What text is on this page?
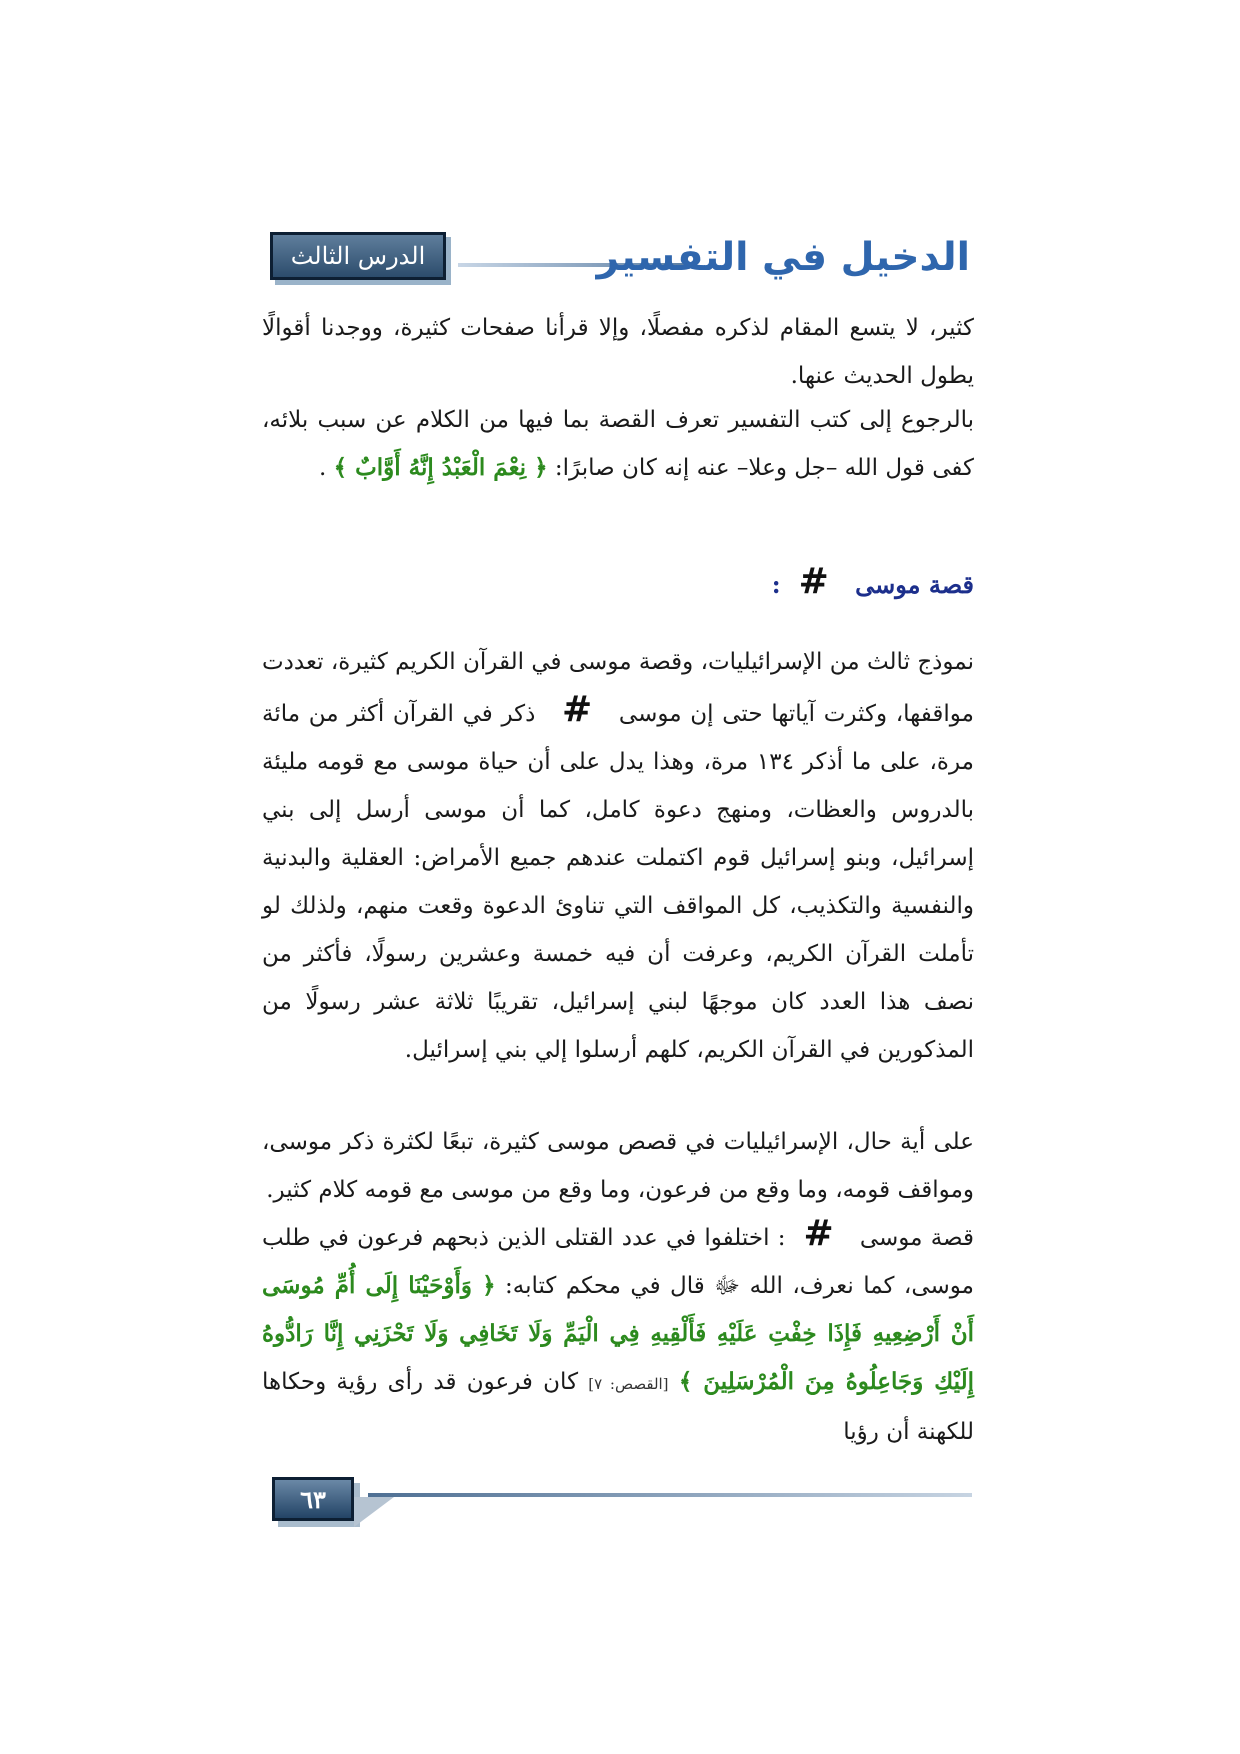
الدرس الثالث	الدخيل في التفسير

كثير، لا يتسع المقام لذكره مفصلًا، وإلا قرأنا صفحات كثيرة، ووجدنا أقوالًا يطول الحديث عنها.

بالرجوع إلى كتب التفسير تعرف القصة بما فيها من الكلام عن سبب بلائه، كفى قول الله –جل وعلا– عنه إنه كان صابرًا: ﴿ نِعْمَ الْعَبْدُ إِنَّهُ أَوَّابٌ ﴾ .

قصة موسى #:

نموذج ثالث من الإسرائيليات، وقصة موسى في القرآن الكريم كثيرة، تعددت مواقفها، وكثرت آياتها حتى إن موسى # ذكر في القرآن أكثر من مائة مرة، على ما أذكر ١٣٤ مرة، وهذا يدل على أن حياة موسى مع قومه مليئة بالدروس والعظات، ومنهج دعوة كامل، كما أن موسى أرسل إلى بني إسرائيل، وبنو إسرائيل قوم اكتملت عندهم جميع الأمراض: العقلية والبدنية والنفسية والتكذيب، كل المواقف التي تناوئ الدعوة وقعت منهم، ولذلك لو تأملت القرآن الكريم، وعرفت أن فيه خمسة وعشرين رسولًا، فأكثر من نصف هذا العدد كان موجهًا لبني إسرائيل، تقريبًا ثلاثة عشر رسولًا من المذكورين في القرآن الكريم، كلهم أرسلوا إلي بني إسرائيل.

على أية حال، الإسرائيليات في قصص موسى كثيرة، تبعًا لكثرة ذكر موسى، ومواقف قومه، وما وقع من فرعون، وما وقع من موسى مع قومه كلام كثير.

قصة موسى #: اختلفوا في عدد القتلى الذين ذبحهم فرعون في طلب موسى، كما نعرف، الله ﷻ قال في محكم كتابه: ﴿ وَأَوْحَيْنَا إِلَى أُمِّ مُوسَى أَنْ أَرْضِعِيهِ فَإِذَا خِفْتِ عَلَيْهِ فَأَلْقِيهِ فِي الْيَمِّ وَلَا تَخَافِي وَلَا تَحْزَنِي إِنَّا رَادُّوهُ إِلَيْكِ وَجَاعِلُوهُ مِنَ الْمُرْسَلِينَ ﴾ [القصص: ٧] كان فرعون قد رأى رؤية وحكاها للكهنة أن رؤيا

٦٣
